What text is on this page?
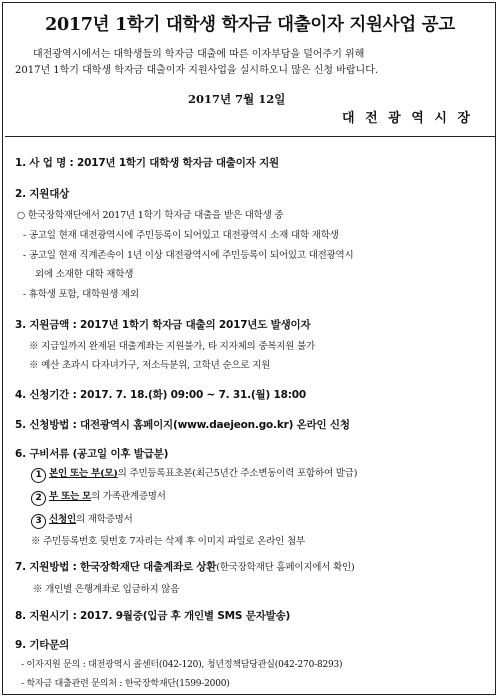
2017년 1학기 대학생 학자금 대출이자 지원사업 공고
대전광역시에서는 대학생들의 학자금 대출에 따른 이자부담을 덜어주기 위해
2017년 1학기 대학생 학자금 대출이자 지원사업을 실시하오니 많은 신청 바랍니다.
2017년 7월 12일
대 전 광 역 시 장
1. 사 업 명 : 2017년 1학기 대학생 학자금 대출이자 지원
2. 지원대상
○ 한국장학재단에서 2017년 1학기 학자금 대출을 받은 대학생 중
- 공고일 현재 대전광역시에 주민등록이 되어있고 대전광역시 소재 대학 재학생
- 공고일 현재 직계존속이 1년 이상 대전광역시에 주민등록이 되어있고 대전광역시
외에 소재한 대학 재학생
- 휴학생 포함, 대학원생 제외
3. 지원금액 : 2017년 1학기 학자금 대출의 2017년도 발생이자
※ 지급일까지 완제된 대출계좌는 지원불가, 타 지자체의 중복지원 불가
※ 예산 초과시 다자녀가구, 저소득분위, 고학년 순으로 지원
4. 신청기간 : 2017. 7. 18.(화) 09:00 ~ 7. 31.(월) 18:00
5. 신청방법 : 대전광역시 홈페이지(www.daejeon.go.kr) 온라인 신청
6. 구비서류 (공고일 이후 발급분)
1 본인 또는 부(모)의 주민등록표초본(최근5년간 주소변동이력 포함하여 발급)
2 부 또는 모의 가족관계증명서
3 신청인의 재학증명서
※ 주민등록번호 뒷번호 7자리는 삭제 후 이미지 파일로 온라인 첨부
7. 지원방법 : 한국장학재단 대출계좌로 상환(한국장학재단 홈페이지에서 확인)
※ 개인별 은행계좌로 입금하지 않음
8. 지원시기 : 2017. 9월중(입금 후 개인별 SMS 문자발송)
9. 기타문의
- 이자지원 문의 : 대전광역시 콜센터(042-120), 청년정책담당관실(042-270-8293)
- 학자금 대출관련 문의처 : 한국장학재단(1599-2000)
